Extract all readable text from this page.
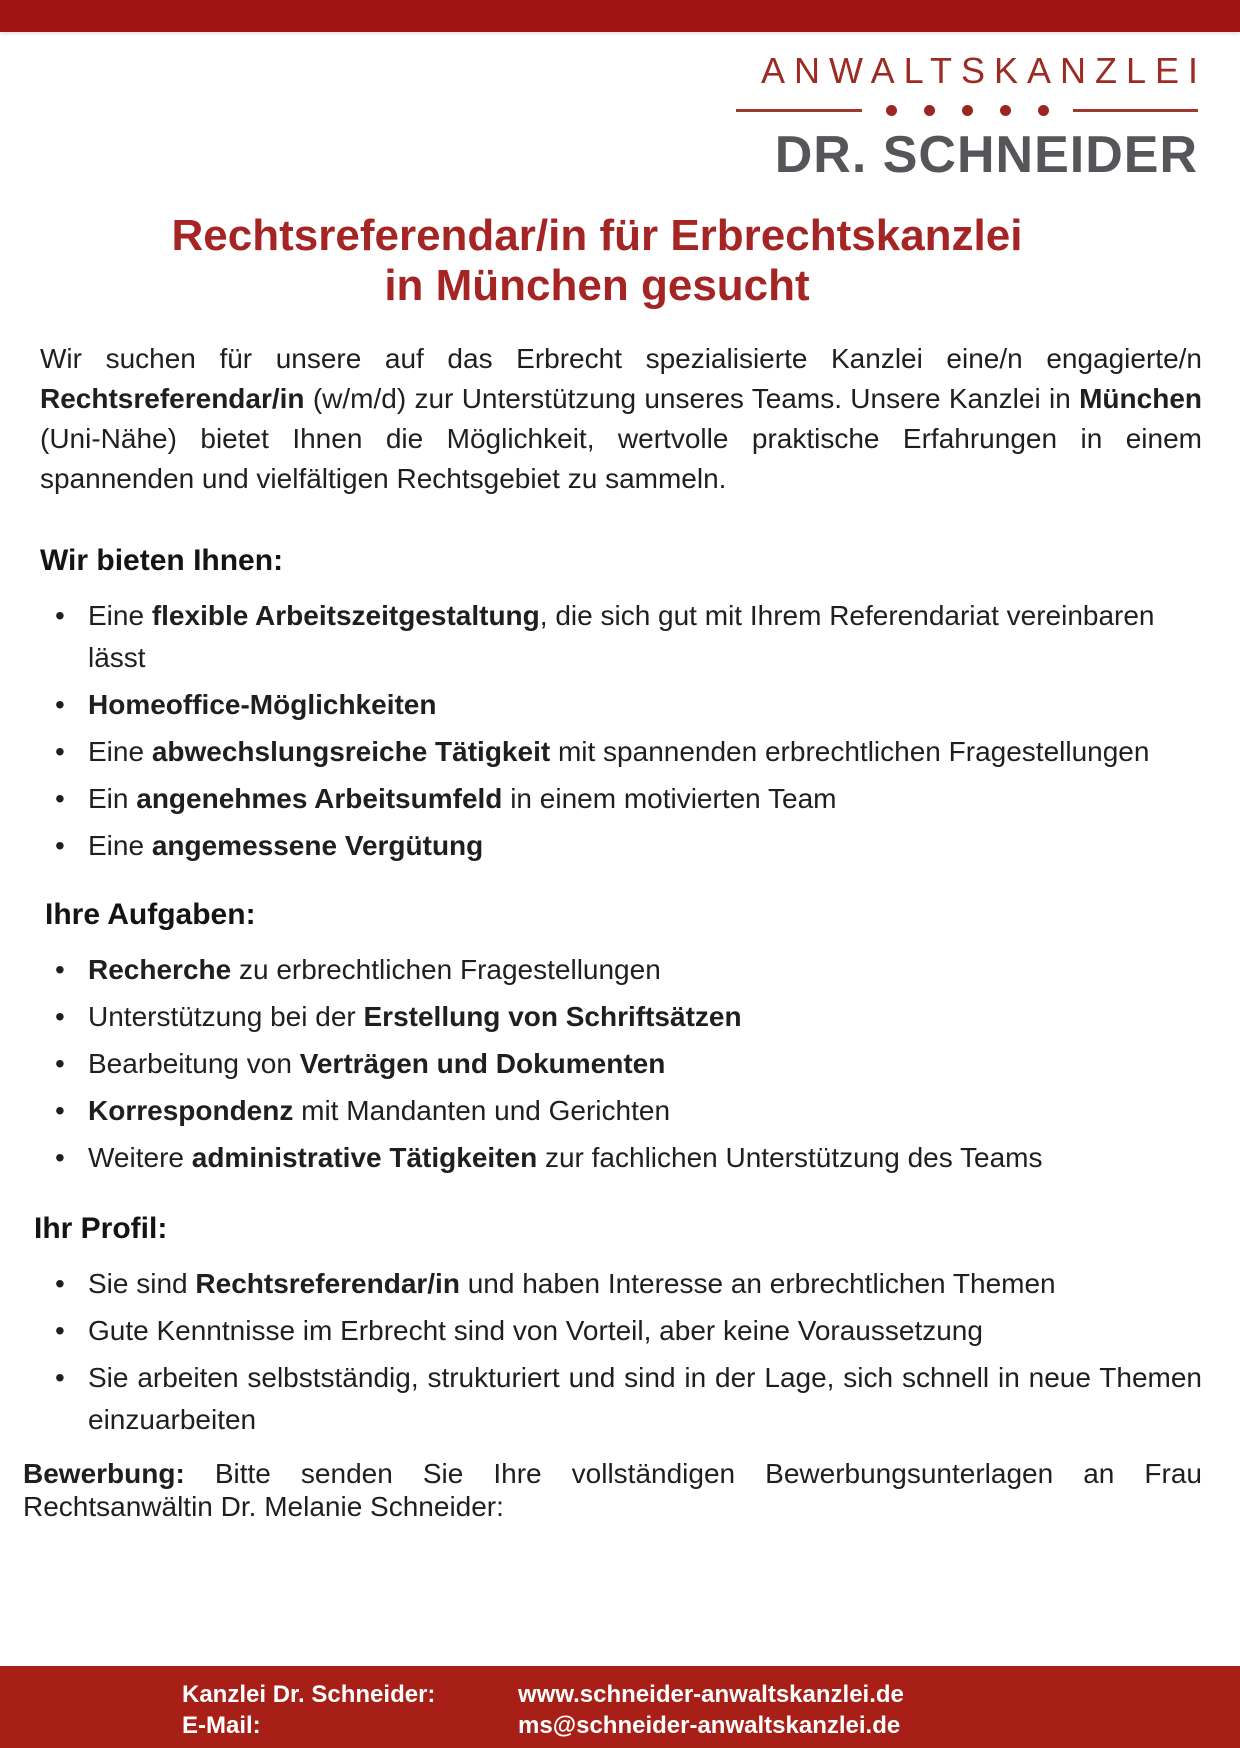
ANWALTSKANZLEI
DR. SCHNEIDER
Rechtsreferendar/in für Erbrechtskanzlei
in München gesucht

Wir suchen für unsere auf das Erbrecht spezialisierte Kanzlei eine/n engagierte/n Rechtsreferendar/in (w/m/d) zur Unterstützung unseres Teams. Unsere Kanzlei in München (Uni-Nähe) bietet Ihnen die Möglichkeit, wertvolle praktische Erfahrungen in einem spannenden und vielfältigen Rechtsgebiet zu sammeln.

Wir bieten Ihnen:
• Eine flexible Arbeitszeitgestaltung, die sich gut mit Ihrem Referendariat vereinbaren lässt
• Homeoffice-Möglichkeiten
• Eine abwechslungsreiche Tätigkeit mit spannenden erbrechtlichen Fragestellungen
• Ein angenehmes Arbeitsumfeld in einem motivierten Team
• Eine angemessene Vergütung
Ihre Aufgaben:
• Recherche zu erbrechtlichen Fragestellungen
• Unterstützung bei der Erstellung von Schriftsätzen
• Bearbeitung von Verträgen und Dokumenten
• Korrespondenz mit Mandanten und Gerichten
• Weitere administrative Tätigkeiten zur fachlichen Unterstützung des Teams
Ihr Profil:
• Sie sind Rechtsreferendar/in und haben Interesse an erbrechtlichen Themen
• Gute Kenntnisse im Erbrecht sind von Vorteil, aber keine Voraussetzung
• Sie arbeiten selbstständig, strukturiert und sind in der Lage, sich schnell in neue Themen einzuarbeiten

Bewerbung: Bitte senden Sie Ihre vollständigen Bewerbungsunterlagen an Frau Rechtsanwältin Dr. Melanie Schneider:

Kanzlei Dr. Schneider:	www.schneider-anwaltskanzlei.de
E-Mail:	ms@schneider-anwaltskanzlei.de
